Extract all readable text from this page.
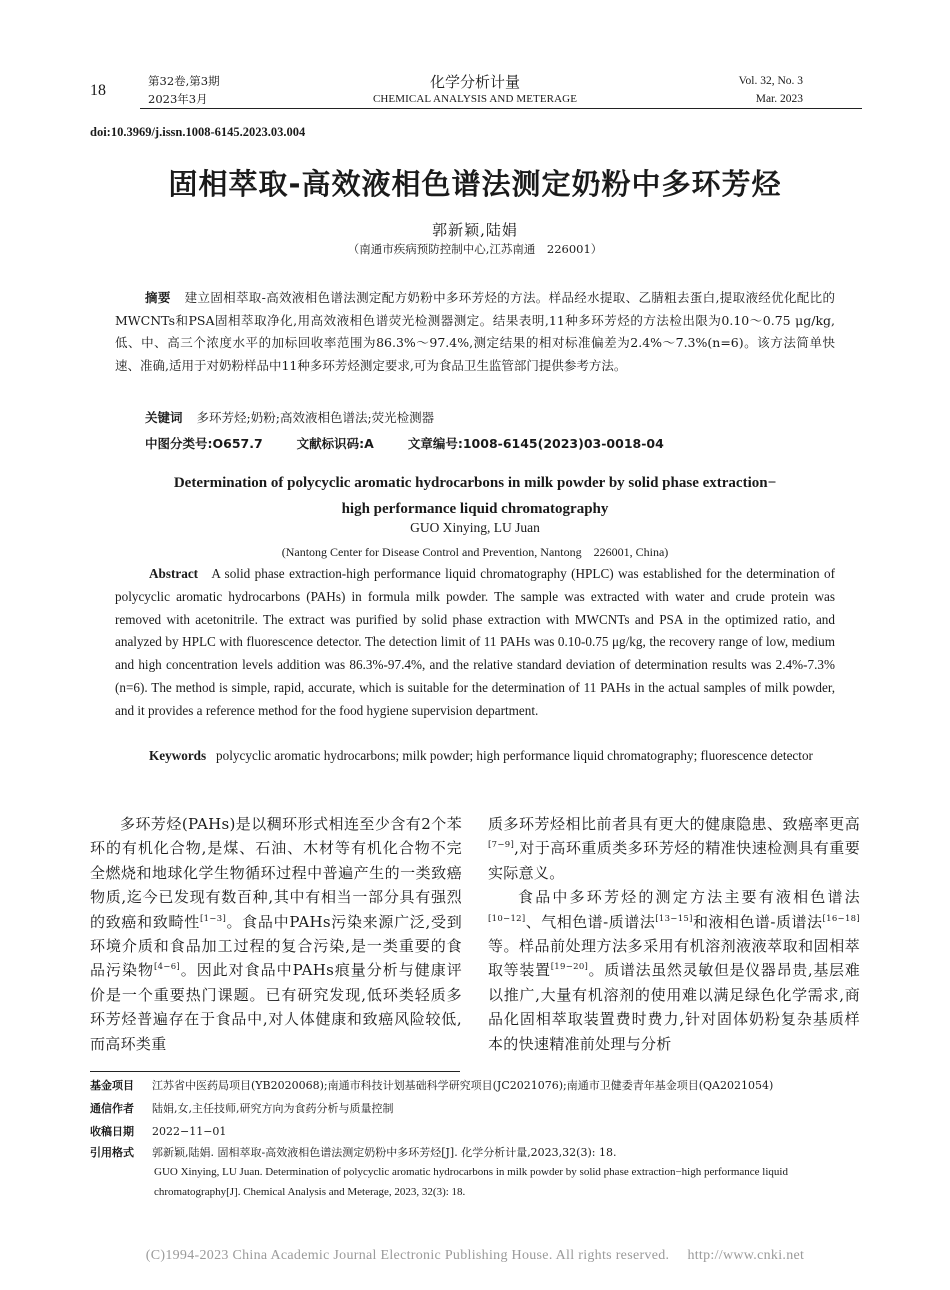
18
第32卷,第3期
2023年3月
化学分析计量
CHEMICAL ANALYSIS AND METERAGE
Vol. 32, No. 3
Mar. 2023
doi:10.3969/j.issn.1008-6145.2023.03.004
固相萃取-高效液相色谱法测定奶粉中多环芳烃
郭新颖,陆娟
（南通市疾病预防控制中心,江苏南通　226001）
摘要 建立固相萃取-高效液相色谱法测定配方奶粉中多环芳烃的方法。样品经水提取、乙腈粗去蛋白,提取液经优化配比的MWCNTs和PSA固相萃取净化,用高效液相色谱荧光检测器测定。结果表明,11种多环芳烃的方法检出限为0.10～0.75 μg/kg,低、中、高三个浓度水平的加标回收率范围为86.3%～97.4%,测定结果的相对标准偏差为2.4%～7.3%(n=6)。该方法简单快速、准确,适用于对奶粉样品中11种多环芳烃测定要求,可为食品卫生监管部门提供参考方法。
关键词 多环芳烃;奶粉;高效液相色谱法;荧光检测器
中图分类号:O657.7	文献标识码:A	文章编号:1008-6145(2023)03-0018-04
Determination of polycyclic aromatic hydrocarbons in milk powder by solid phase extraction−
high performance liquid chromatography
GUO Xinying, LU Juan
(Nantong Center for Disease Control and Prevention, Nantong　226001, China)
Abstract A solid phase extraction-high performance liquid chromatography (HPLC) was established for the determination of polycyclic aromatic hydrocarbons (PAHs) in formula milk powder. The sample was extracted with water and crude protein was removed with acetonitrile. The extract was purified by solid phase extraction with MWCNTs and PSA in the optimized ratio, and analyzed by HPLC with fluorescence detector. The detection limit of 11 PAHs was 0.10-0.75 μg/kg, the recovery range of low, medium and high concentration levels addition was 86.3%-97.4%, and the relative standard deviation of determination results was 2.4%-7.3%(n=6). The method is simple, rapid, accurate, which is suitable for the determination of 11 PAHs in the actual samples of milk powder, and it provides a reference method for the food hygiene supervision department.
Keywords polycyclic aromatic hydrocarbons; milk powder; high performance liquid chromatography; fluorescence detector

多环芳烃(PAHs)是以稠环形式相连至少含有2个苯环的有机化合物,是煤、石油、木材等有机化合物不完全燃烧和地球化学生物循环过程中普遍产生的一类致癌物质,迄今已发现有数百种,其中有相当一部分具有强烈的致癌和致畸性[1−3]。食品中PAHs污染来源广泛,受到环境介质和食品加工过程的复合污染,是一类重要的食品污染物[4−6]。因此对食品中PAHs痕量分析与健康评价是一个重要热门课题。已有研究发现,低环类轻质多环芳烃普遍存在于食品中,对人体健康和致癌风险较低,而高环类重

质多环芳烃相比前者具有更大的健康隐患、致癌率更高[7−9],对于高环重质类多环芳烃的精准快速检测具有重要实际意义。

食品中多环芳烃的测定方法主要有液相色谱法[10−12]、气相色谱-质谱法[13−15]和液相色谱-质谱法[16−18]等。样品前处理方法多采用有机溶剂液液萃取和固相萃取等装置[19−20]。质谱法虽然灵敏但是仪器昂贵,基层难以推广,大量有机溶剂的使用难以满足绿色化学需求,商品化固相萃取装置费时费力,针对固体奶粉复杂基质样本的快速精准前处理与分析

基金项目 江苏省中医药局项目(YB2020068);南通市科技计划基础科学研究项目(JC2021076);南通市卫健委青年基金项目(QA2021054)
通信作者 陆娟,女,主任技师,研究方向为食药分析与质量控制
收稿日期 2022−11−01
引用格式 郭新颖,陆娟. 固相萃取-高效液相色谱法测定奶粉中多环芳烃[J]. 化学分析计量,2023,32(3): 18.
GUO Xinying, LU Juan. Determination of polycyclic aromatic hydrocarbons in milk powder by solid phase extraction−high performance liquid chromatography[J]. Chemical Analysis and Meterage, 2023, 32(3): 18.
(C)1994-2023 China Academic Journal Electronic Publishing House. All rights reserved.　 http://www.cnki.net
